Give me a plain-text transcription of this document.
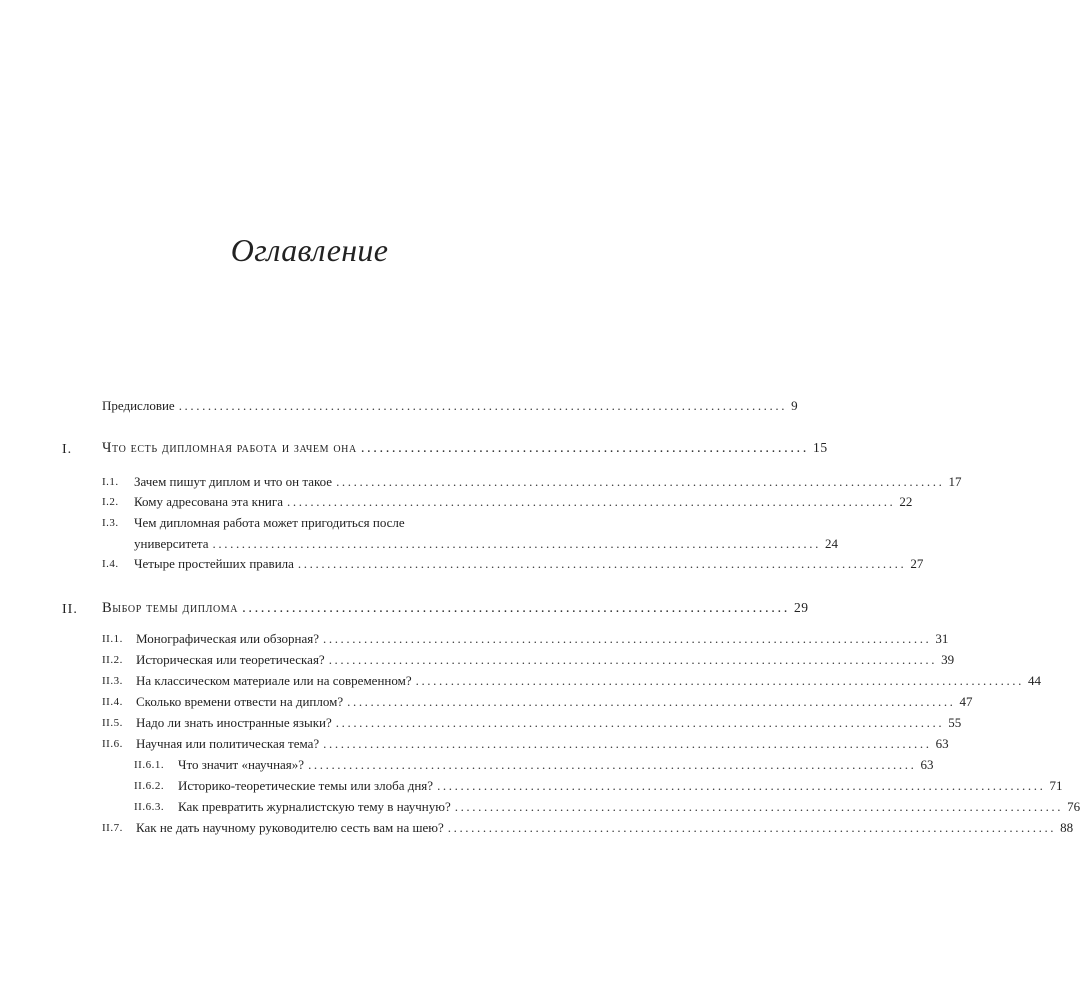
Оглавление
Предисловие ........................................................................................................ 9
I. Что есть дипломная работа и зачем она ........................................................................ 15
I.1. Зачем пишут диплом и что он такое ........................................................................................................ 17
I.2. Кому адресована эта книга ........................................................................................................ 22
I.3. Чем дипломная работа может пригодиться после
университета ........................................................................................................ 24
I.4. Четыре простейших правила ........................................................................................................ 27
II. Выбор темы диплома ........................................................................................ 29
II.1. Монографическая или обзорная? ........................................................................................................ 31
II.2. Историческая или теоретическая? ........................................................................................................ 39
II.3. На классическом материале или на современном? ........................................................................................................ 44
II.4. Сколько времени отвести на диплом? ........................................................................................................ 47
II.5. Надо ли знать иностранные языки? ........................................................................................................ 55
II.6. Научная или политическая тема? ........................................................................................................ 63
II.6.1. Что значит «научная»? ........................................................................................................ 63
II.6.2. Историко-теоретические темы или злоба дня? ........................................................................................................ 71
II.6.3. Как превратить журналистскую тему в научную? ........................................................................................................ 76
II.7. Как не дать научному руководителю сесть вам на шею? ........................................................................................................ 88
